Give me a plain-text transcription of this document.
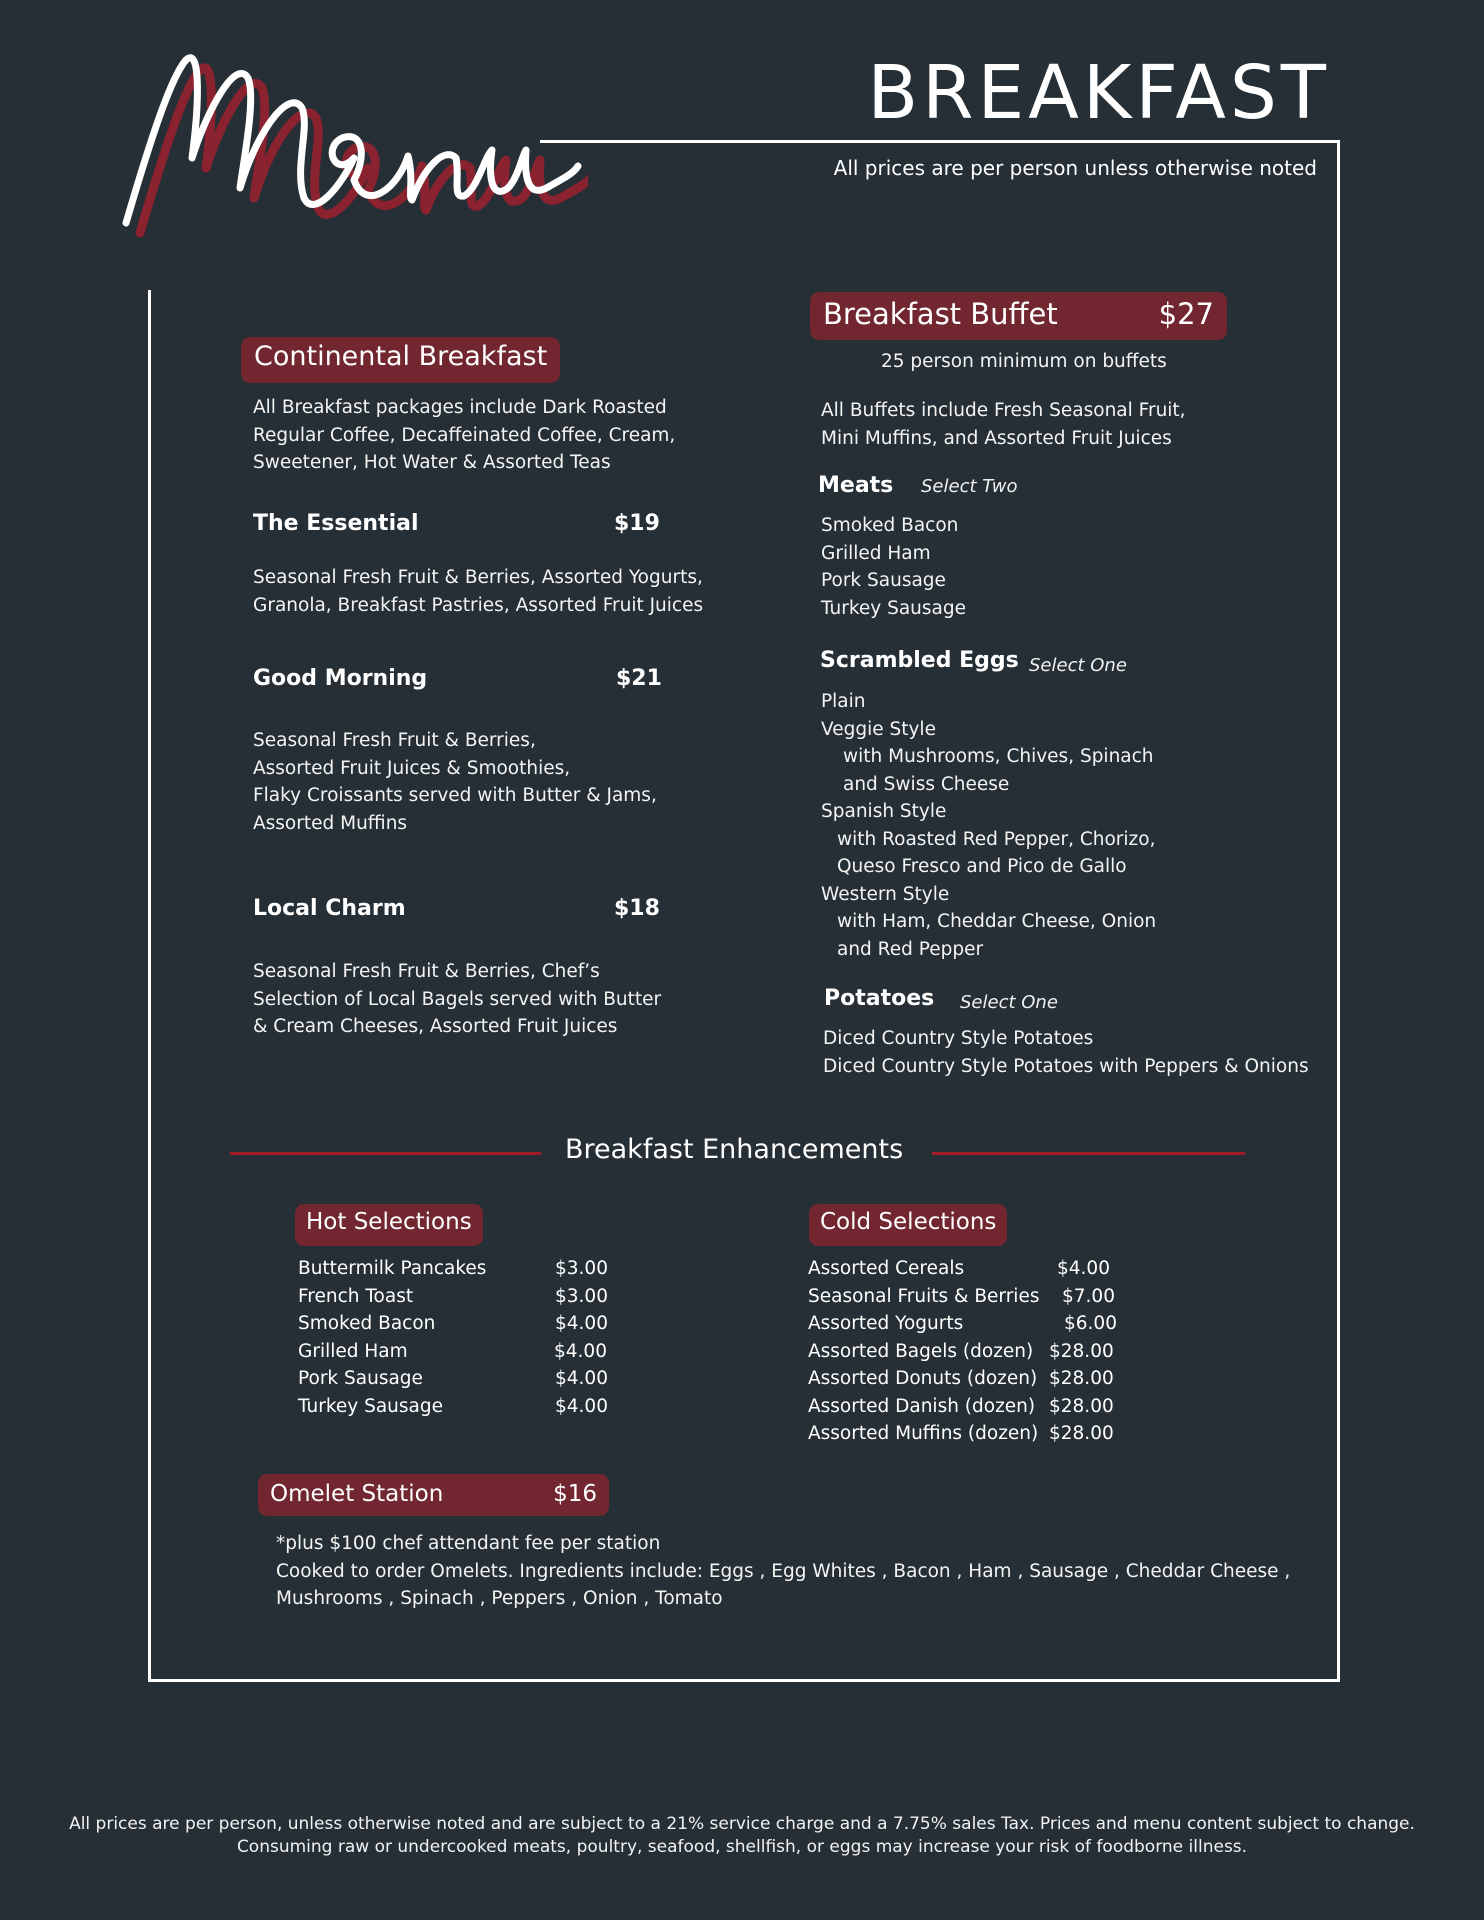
BREAKFAST
All prices are per person unless otherwise noted
Continental Breakfast
All Breakfast packages include Dark Roasted
Regular Coffee, Decaffeinated Coffee, Cream,
Sweetener, Hot Water & Assorted Teas
The Essential	$19
Seasonal Fresh Fruit & Berries, Assorted Yogurts,
Granola, Breakfast Pastries, Assorted Fruit Juices
Good Morning	$21
Seasonal Fresh Fruit & Berries,
Assorted Fruit Juices & Smoothies,
Flaky Croissants served with Butter & Jams,
Assorted Muffins
Local Charm	$18
Seasonal Fresh Fruit & Berries, Chef’s
Selection of Local Bagels served with Butter
& Cream Cheeses, Assorted Fruit Juices
Breakfast Buffet	$27
25 person minimum on buffets
All Buffets include Fresh Seasonal Fruit,
Mini Muffins, and Assorted Fruit Juices
Meats Select Two
Smoked Bacon
Grilled Ham
Pork Sausage
Turkey Sausage
Scrambled Eggs Select One
Plain
Veggie Style
with Mushrooms, Chives, Spinach
and Swiss Cheese
Spanish Style
with Roasted Red Pepper, Chorizo,
Queso Fresco and Pico de Gallo
Western Style
with Ham, Cheddar Cheese, Onion
and Red Pepper
Potatoes Select One
Diced Country Style Potatoes
Diced Country Style Potatoes with Peppers & Onions
Breakfast Enhancements
Hot Selections	Cold Selections
Buttermilk Pancakes	$3.00
French Toast	$3.00
Smoked Bacon	$4.00
Grilled Ham	$4.00
Pork Sausage	$4.00
Turkey Sausage	$4.00
Assorted Cereals	$4.00
Seasonal Fruits & Berries $7.00
Assorted Yogurts	$6.00
Assorted Bagels (dozen) $28.00
Assorted Donuts (dozen) $28.00
Assorted Danish (dozen) $28.00
Assorted Muffins (dozen) $28.00
Omelet Station	$16
*plus $100 chef attendant fee per station
Cooked to order Omelets. Ingredients include: Eggs , Egg Whites , Bacon , Ham , Sausage , Cheddar Cheese ,
Mushrooms , Spinach , Peppers , Onion , Tomato
All prices are per person, unless otherwise noted and are subject to a 21% service charge and a 7.75% sales Tax. Prices and menu content subject to change.
Consuming raw or undercooked meats, poultry, seafood, shellfish, or eggs may increase your risk of foodborne illness.
